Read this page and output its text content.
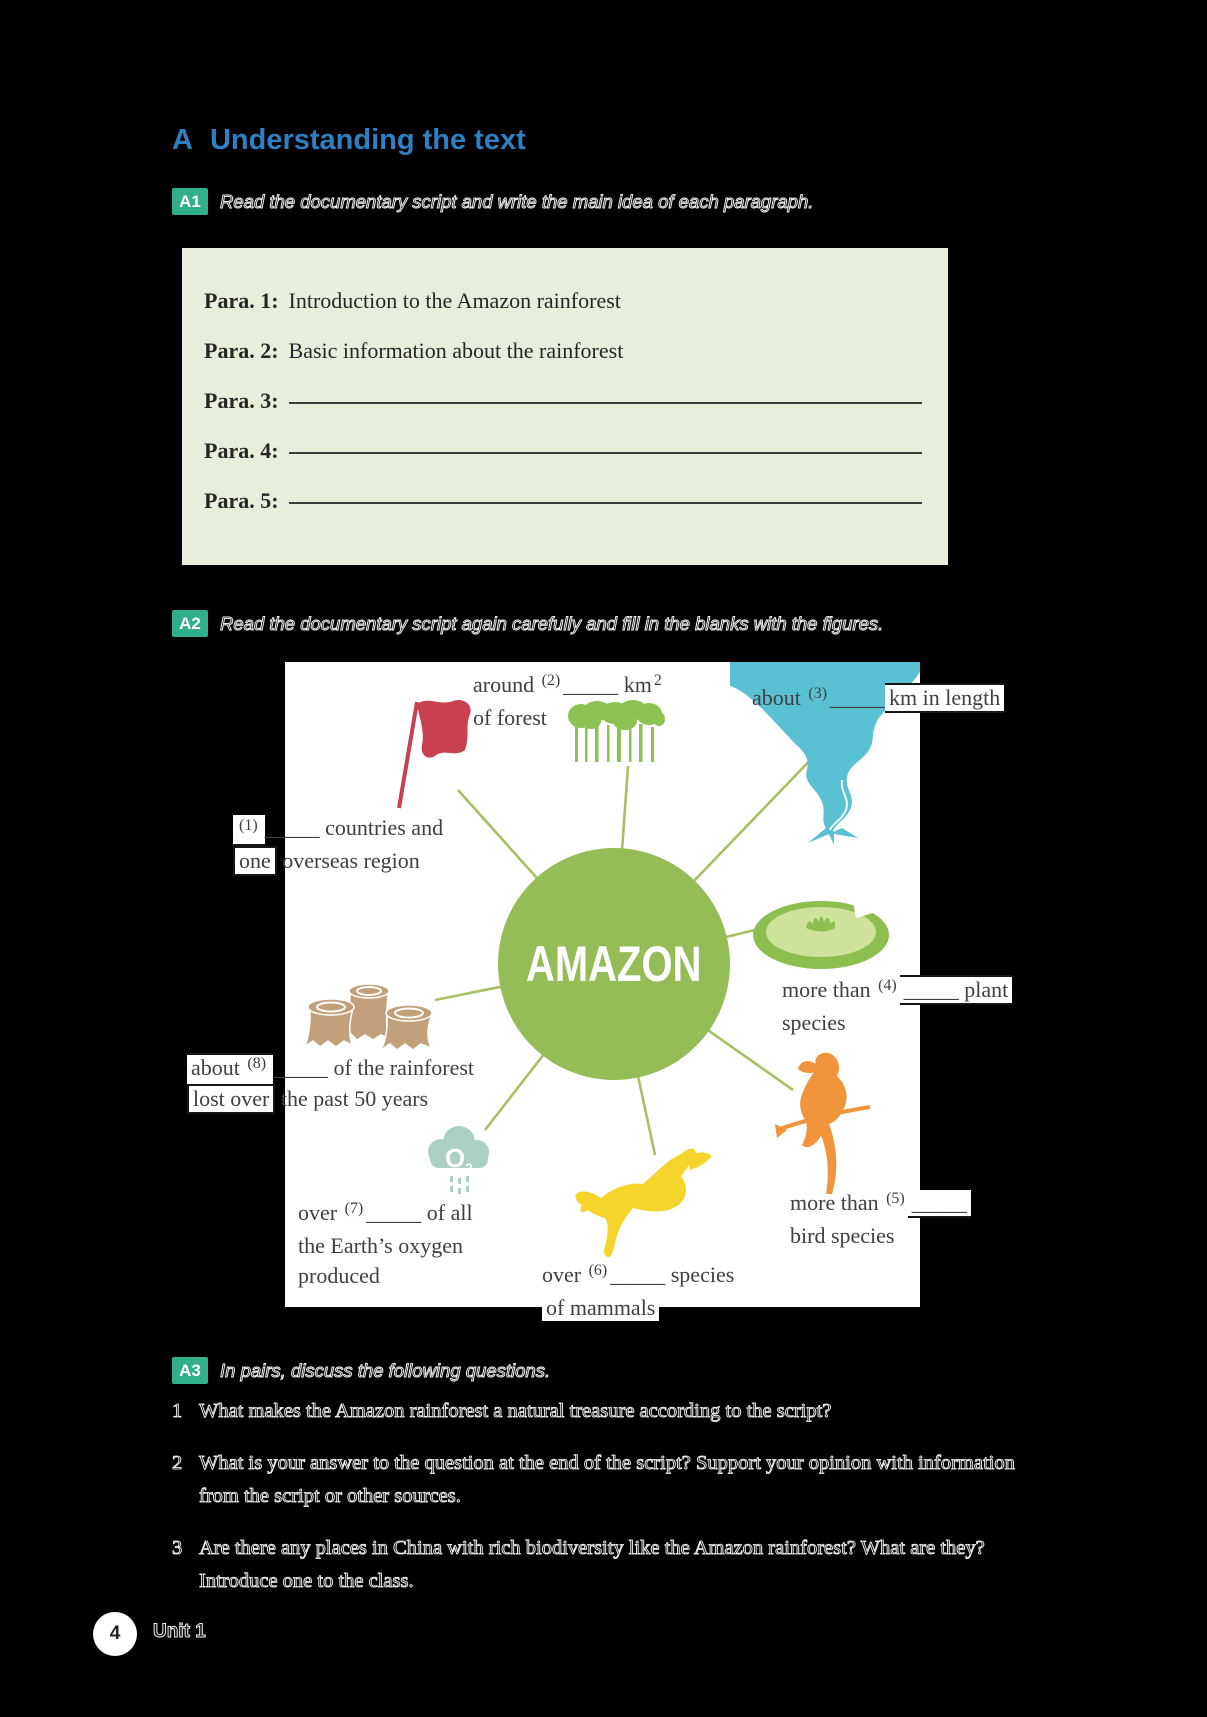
A Understanding the text
A1 Read the documentary script and write the main idea of each paragraph.
Para. 1: Introduction to the Amazon rainforest
Para. 2: Basic information about the rainforest
Para. 3:
Para. 4:
Para. 5:
A2 Read the documentary script again carefully and fill in the blanks with the figures.
O 2
AMAZON
around $^{(2)}$ _____ km $^2$
of forest
about $^{(3)}$ _____km in length
$^{(1)}$ _____ countries and
one overseas region
more than $^{(4)}$ _____ plant
species
more than $^{(5)}$ _____
bird species
over $^{(6)}$ _____ species
of mammals
over $^{(7)}$ _____ of all
the Earth’s oxygen
produced
about $^{(8)}$ _____ of the rainforest
lost over the past 50 years
A3 In pairs, discuss the following questions.
1 What makes the Amazon rainforest a natural treasure according to the script?
2 What is your answer to the question at the end of the script? Support your opinion with information from the script or other sources.
3 Are there any places in China with rich biodiversity like the Amazon rainforest? What are they? Introduce one to the class.
4 Unit 1
